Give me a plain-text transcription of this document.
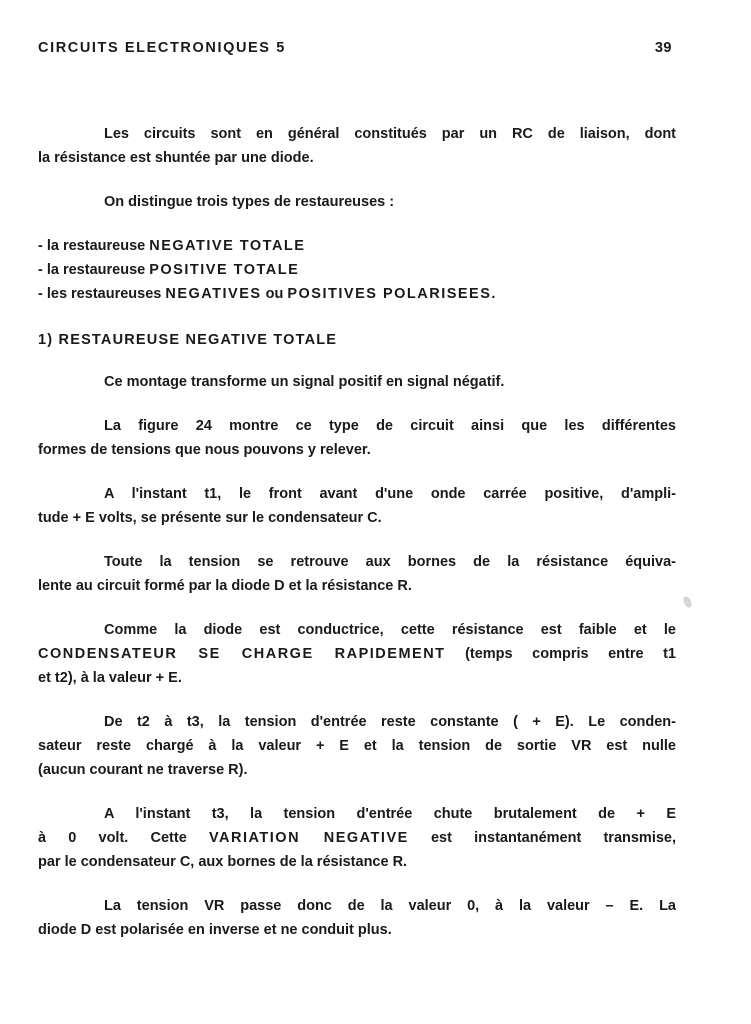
CIRCUITS ELECTRONIQUES 5	39

Les circuits sont en général constitués par un RC de liaison, dont
la résistance est shuntée par une diode.

On distingue trois types de restaureuses :

- la restaureuse NEGATIVE TOTALE
- la restaureuse POSITIVE TOTALE
- les restaureuses NEGATIVES ou POSITIVES POLARISEES.

1) RESTAUREUSE NEGATIVE TOTALE

Ce montage transforme un signal positif en signal négatif.

La figure 24 montre ce type de circuit ainsi que les différentes
formes de tensions que nous pouvons y relever.

A l'instant t1, le front avant d'une onde carrée positive, d'ampli-
tude + E volts, se présente sur le condensateur C.

Toute la tension se retrouve aux bornes de la résistance équiva-
lente au circuit formé par la diode D et la résistance R.

Comme la diode est conductrice, cette résistance est faible et le
CONDENSATEUR SE CHARGE RAPIDEMENT (temps compris entre t1
et t2), à la valeur + E.

De t2 à t3, la tension d'entrée reste constante ( + E). Le conden-
sateur reste chargé à la valeur + E et la tension de sortie VR est nulle
(aucun courant ne traverse R).

A l'instant t3, la tension d'entrée chute brutalement de + E
à 0 volt. Cette VARIATION NEGATIVE est instantanément transmise,
par le condensateur C, aux bornes de la résistance R.

La tension VR passe donc de la valeur 0, à la valeur – E. La
diode D est polarisée en inverse et ne conduit plus.
